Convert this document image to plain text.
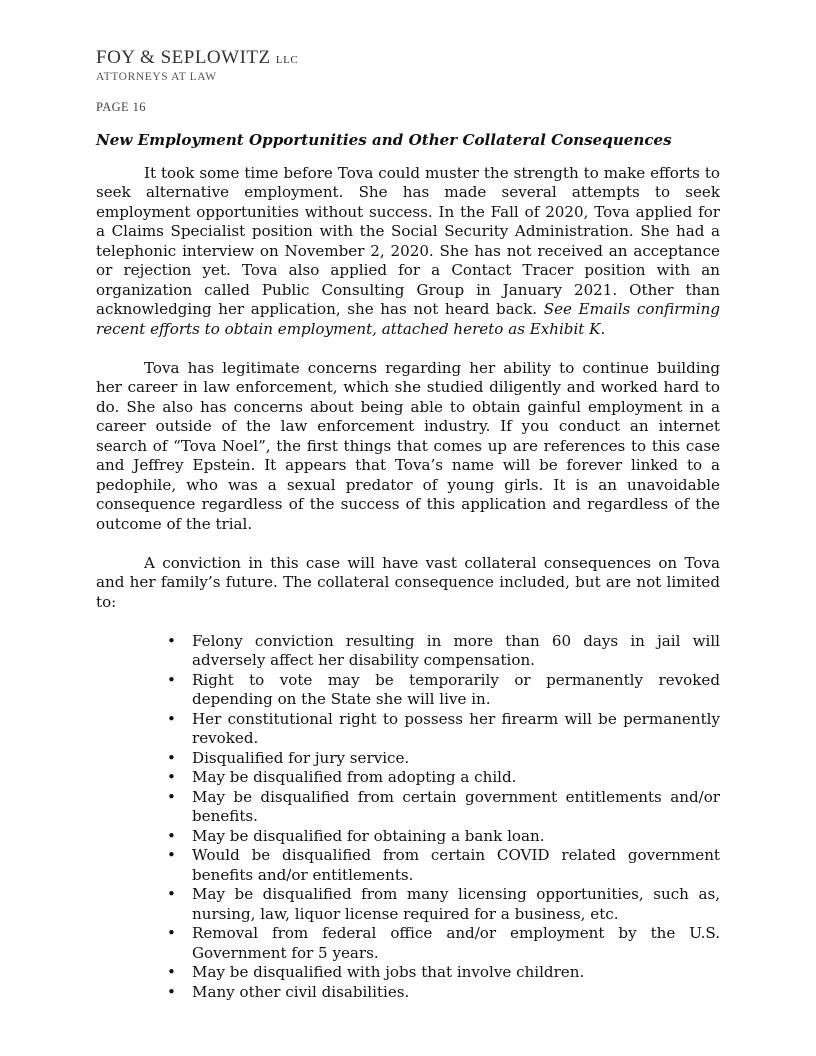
FOY & SEPLOWITZ LLC
ATTORNEYS AT LAW
PAGE 16
New Employment Opportunities and Other Collateral Consequences

It took some time before Tova could muster the strength to make efforts to seek alternative employment. She has made several attempts to seek employment opportunities without success. In the Fall of 2020, Tova applied for a Claims Specialist position with the Social Security Administration. She had a telephonic interview on November 2, 2020. She has not received an acceptance or rejection yet. Tova also applied for a Contact Tracer position with an organization called Public Consulting Group in January 2021. Other than acknowledging her application, she has not heard back. See Emails confirming recent efforts to obtain employment, attached hereto as Exhibit K.

Tova has legitimate concerns regarding her ability to continue building her career in law enforcement, which she studied diligently and worked hard to do. She also has concerns about being able to obtain gainful employment in a career outside of the law enforcement industry. If you conduct an internet search of “Tova Noel”, the first things that comes up are references to this case and Jeffrey Epstein. It appears that Tova’s name will be forever linked to a pedophile, who was a sexual predator of young girls. It is an unavoidable consequence regardless of the success of this application and regardless of the outcome of the trial.

A conviction in this case will have vast collateral consequences on Tova and her family’s future. The collateral consequence included, but are not limited to:

• Felony conviction resulting in more than 60 days in jail will adversely affect her disability compensation.
• Right to vote may be temporarily or permanently revoked depending on the State she will live in.
• Her constitutional right to possess her firearm will be permanently revoked.
• Disqualified for jury service.
• May be disqualified from adopting a child.
• May be disqualified from certain government entitlements and/or benefits.
• May be disqualified for obtaining a bank loan.
• Would be disqualified from certain COVID related government benefits and/or entitlements.
• May be disqualified from many licensing opportunities, such as, nursing, law, liquor license required for a business, etc.
• Removal from federal office and/or employment by the U.S. Government for 5 years.
• May be disqualified with jobs that involve children.
• Many other civil disabilities.
